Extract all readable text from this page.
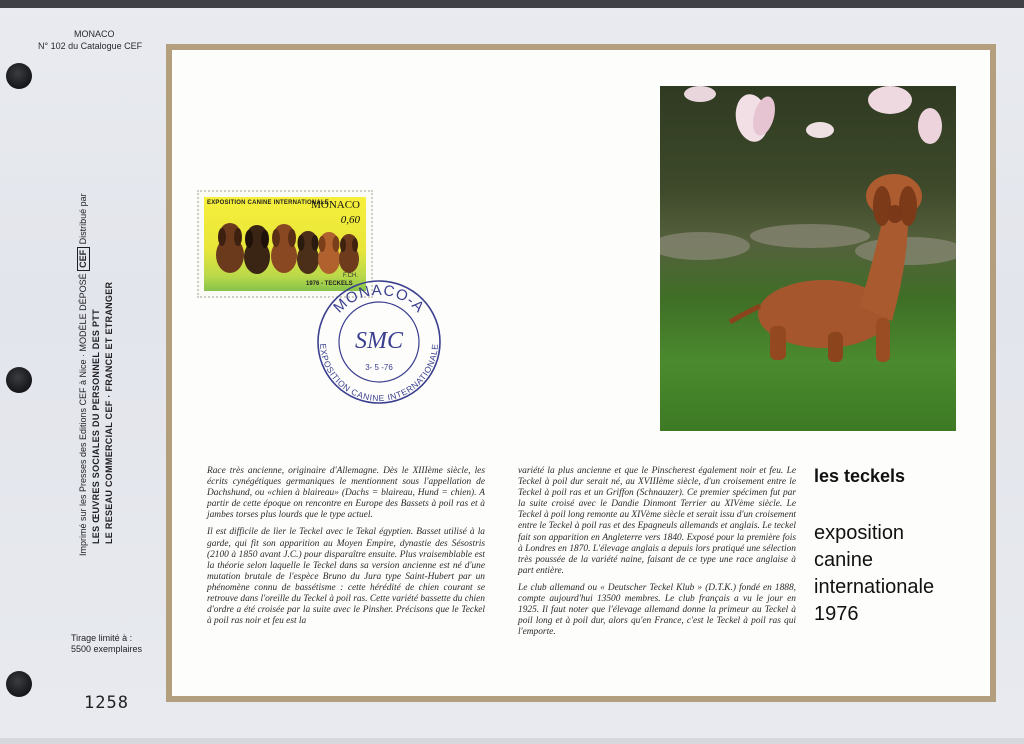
MONACO
N° 102 du Catalogue CEF
Imprimé sur les Presses des Editions CEF à Nice · MODÈLE DÉPOSÉ CEF Distribué par
LES ŒUVRES SOCIALES DU PERSONNEL DES PTT LE RESEAU COMMERCIAL CEF · FRANCE ET ETRANGER
Tirage limité à :
5500 exemplaires
1258
EXPOSITION CANINE INTERNATIONALE
MONACO
0,60
F.CH.
1976 - TECKELS
MONACO-A
EXPOSITION CANINE INTERNATIONALE
SMC
3- 5 -76

Race très ancienne, originaire d'Allemagne. Dès le XIIIème siècle, les écrits cynégétiques germaniques le mentionnent sous l'appellation de Dachshund, ou «chien à blaireau» (Dachs = blaireau, Hund = chien). A partir de cette époque on rencontre en Europe des Bassets à poil ras et à jambes torses plus lourds que le type actuel.

Il est difficile de lier le Teckel avec le Tekal égyptien. Basset utilisé à la garde, qui fit son apparition au Moyen Empire, dynastie des Sésostris (2100 à 1850 avant J.C.) pour disparaître ensuite. Plus vraisemblable est la théorie selon laquelle le Teckel dans sa version ancienne est né d'une mutation brutale de l'espèce Bruno du Jura type Saint-Hubert par un phénomène connu de bassétisme : cette hérédité de chien courant se retrouve dans l'oreille du Teckel à poil ras. Cette variété bassette du chien d'ordre a été croisée par la suite avec le Pinsher. Précisons que le Teckel à poil ras noir et feu est la

variété la plus ancienne et que le Pinscherest également noir et feu. Le Teckel à poil dur serait né, au XVIIIème siècle, d'un croisement entre le Teckel à poil ras et un Griffon (Schnauzer). Ce premier spécimen fut par la suite croisé avec le Dandie Dinmont Terrier au XIVème siècle. Le Teckel à poil long remonte au XIVème siècle et serait issu d'un croisement entre le Teckel à poil ras et des Epagneuls allemands et anglais. Le teckel fait son apparition en Angleterre vers 1840. Exposé pour la première fois à Londres en 1870. L'élevage anglais a depuis lors pratiqué une sélection très poussée de la variété naine, faisant de ce type une race anglaise à part entière.

Le club allemand ou « Deutscher Teckel Klub » (D.T.K.) fondé en 1888, compte aujourd'hui 13500 membres. Le club français a vu le jour en 1925. Il faut noter que l'élevage allemand donne la primeur au Teckel à poil long et à poil dur, alors qu'en France, c'est le Teckel à poil ras qui l'emporte.

les teckels
exposition
canine
internationale
1976
